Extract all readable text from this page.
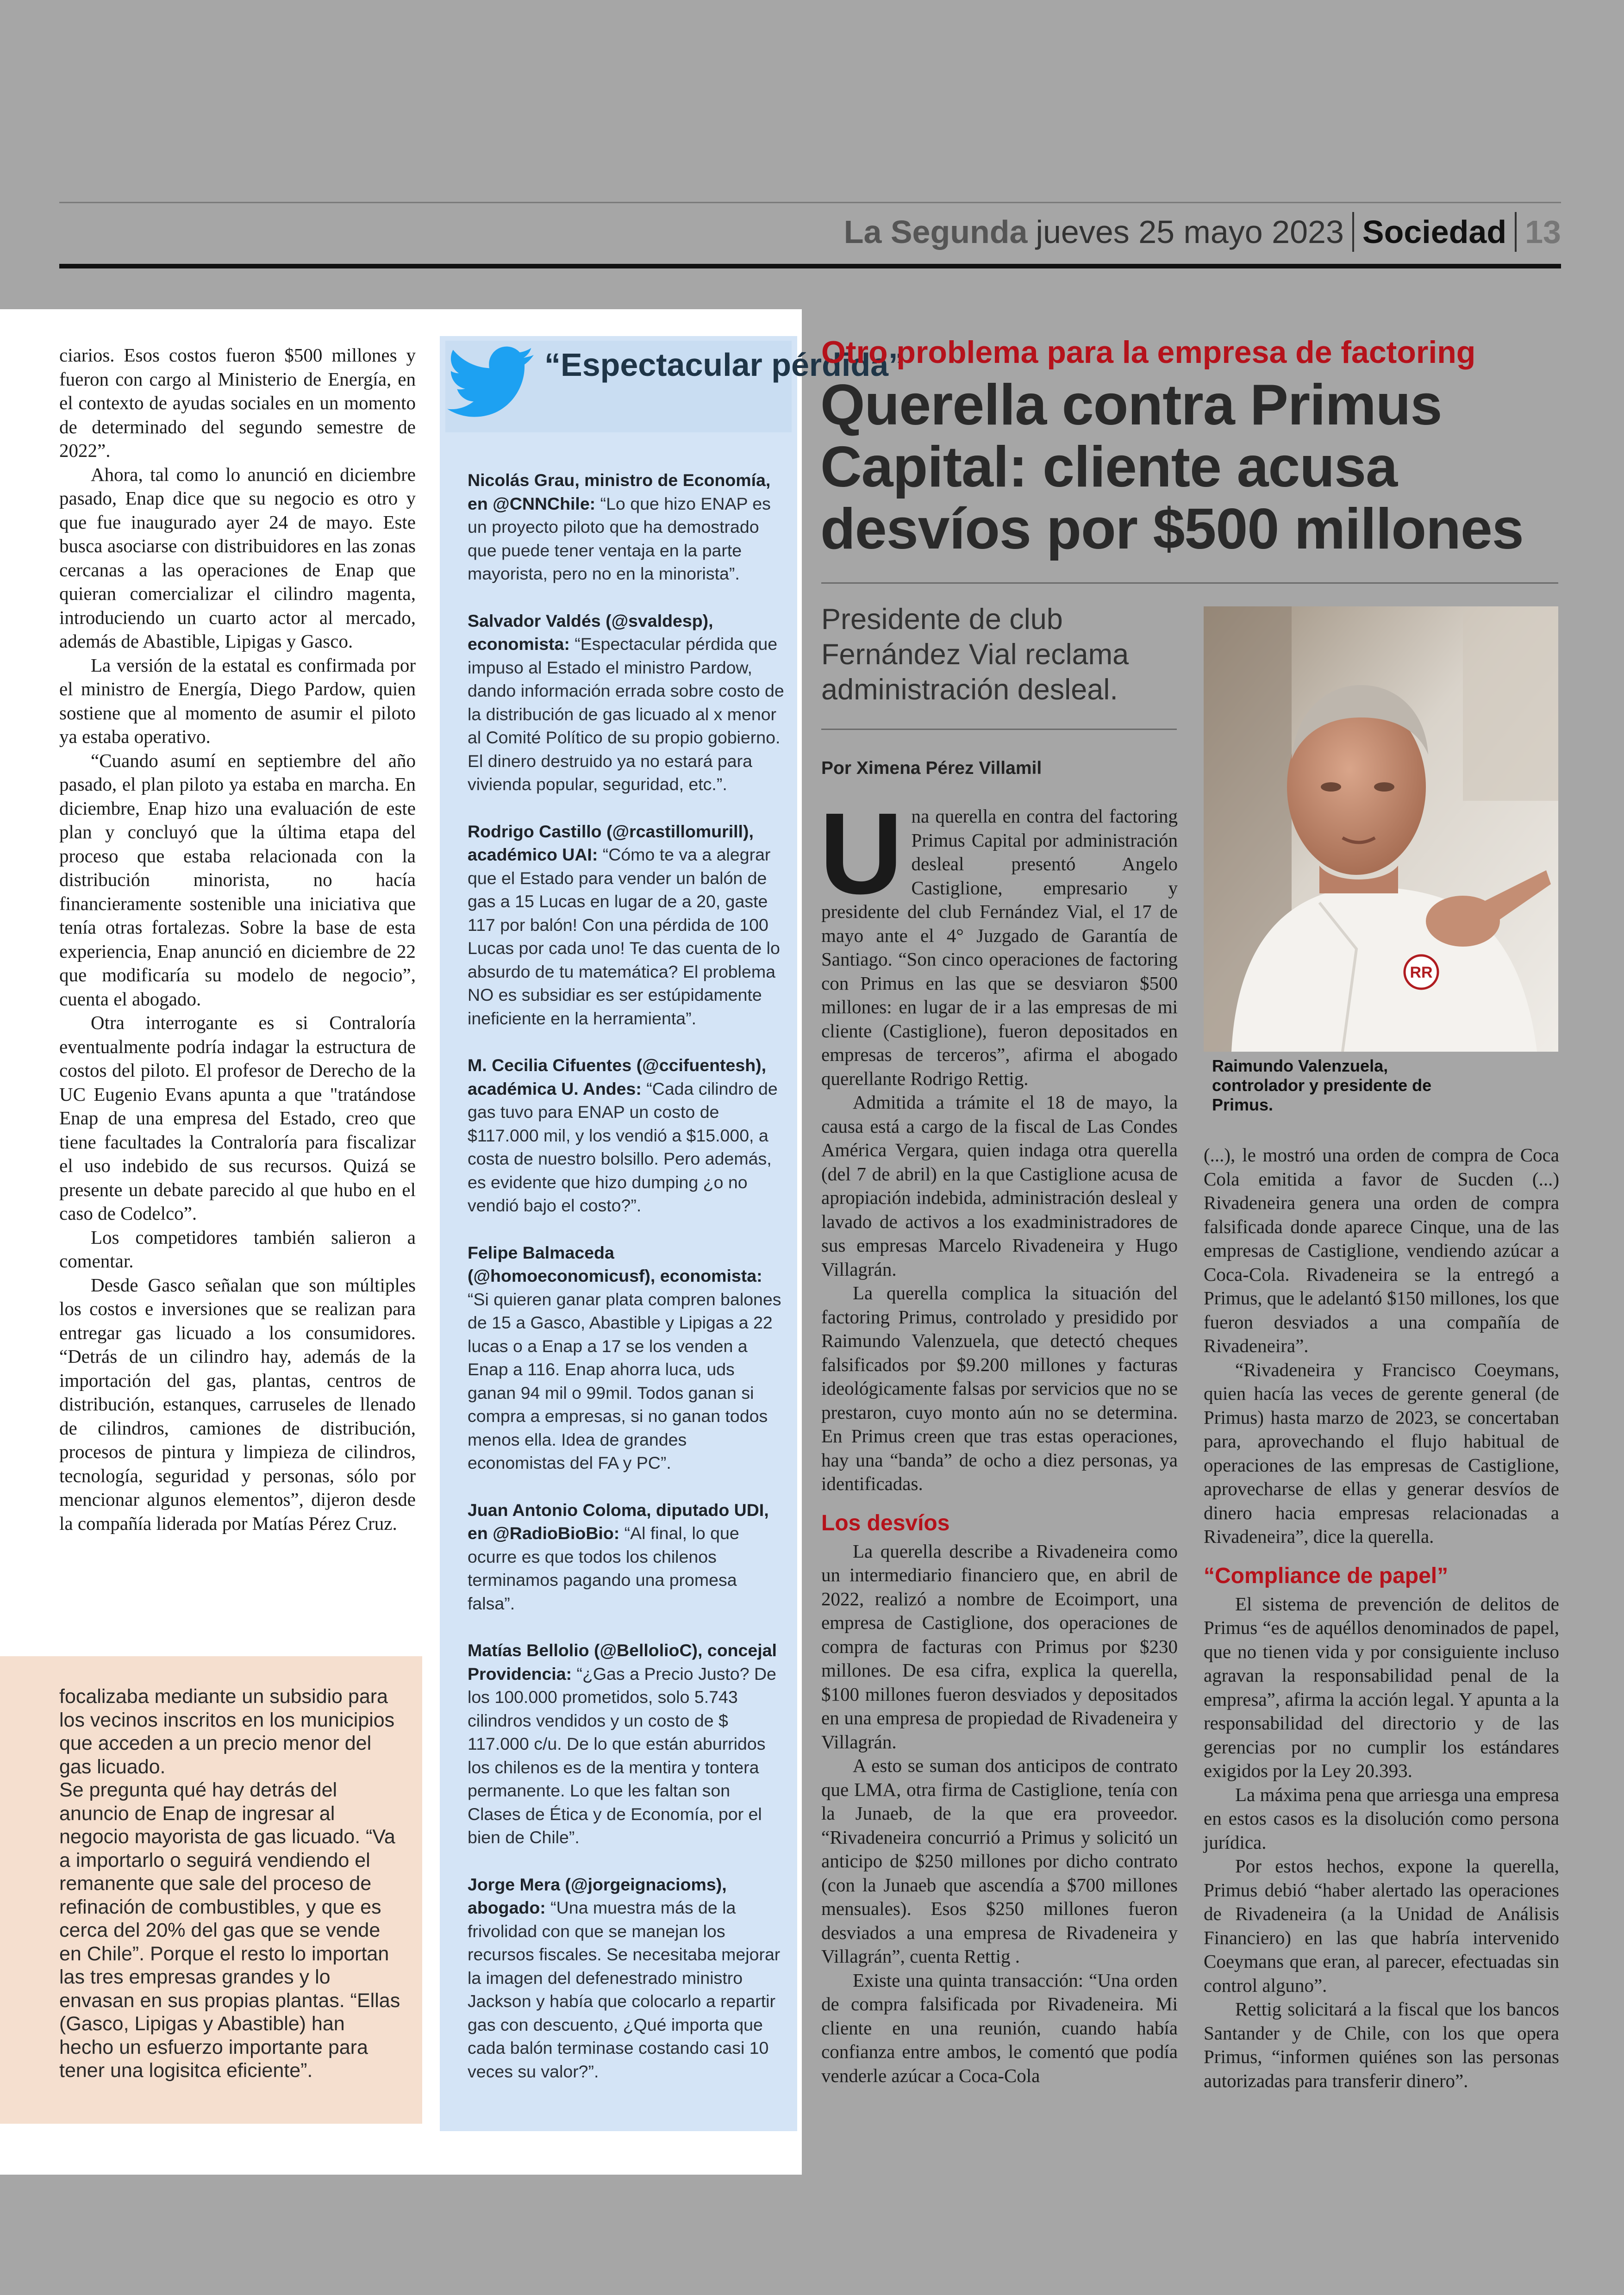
La Segunda jueves 25 mayo 2023 Sociedad 13

ciarios. Esos costos fueron $500 millones y fueron con cargo al Ministerio de Energía, en el contexto de ayudas sociales en un momento de determinado del segundo semestre de 2022”.

Ahora, tal como lo anunció en diciembre pasado, Enap dice que su negocio es otro y que fue inaugurado ayer 24 de mayo. Este busca asociarse con distribuidores en las zonas cercanas a las operaciones de Enap que quieran comercializar el cilindro magenta, introduciendo un cuarto actor al mercado, además de Abastible, Lipigas y Gasco.

La versión de la estatal es confirmada por el ministro de Energía, Diego Pardow, quien sostiene que al momento de asumir el piloto ya estaba operativo.

“Cuando asumí en septiembre del año pasado, el plan piloto ya estaba en marcha. En diciembre, Enap hizo una evaluación de este plan y concluyó que la última etapa del proceso que estaba relacionada con la distribución minorista, no hacía financieramente sostenible una iniciativa que tenía otras fortalezas. Sobre la base de esta experiencia, Enap anunció en diciembre de 22 que modificaría su modelo de negocio”, cuenta el abogado.

Otra interrogante es si Contraloría eventualmente podría indagar la estructura de costos del piloto. El profesor de Derecho de la UC Eugenio Evans apunta a que "tratándose Enap de una empresa del Estado, creo que tiene facultades la Contraloría para fiscalizar el uso indebido de sus recursos. Quizá se presente un debate parecido al que hubo en el caso de Codelco”.

Los competidores también salieron a comentar.

Desde Gasco señalan que son múltiples los costos e inversiones que se realizan para entregar gas licuado a los consumidores. “Detrás de un cilindro hay, además de la importación del gas, plantas, centros de distribución, estanques, carruseles de llenado de cilindros, camiones de distribución, procesos de pintura y limpieza de cilindros, tecnología, seguridad y personas, sólo por mencionar algunos elementos”, dijeron desde la compañía liderada por Matías Pérez Cruz.

focalizaba mediante un subsidio para los vecinos inscritos en los municipios que acceden a un precio menor del gas licuado.

Se pregunta qué hay detrás del anuncio de Enap de ingresar al negocio mayorista de gas licuado. “Va a importarlo o seguirá vendiendo el remanente que sale del proceso de refinación de combustibles, y que es cerca del 20% del gas que se vende en Chile”. Porque el resto lo importan las tres empresas grandes y lo envasan en sus propias plantas. “Ellas (Gasco, Lipigas y Abastible) han hecho un esfuerzo importante para tener una logisitca eficiente”.

“Espectacular pérdida”

Nicolás Grau, ministro de Economía, en @CNNChile: “Lo que hizo ENAP es un proyecto piloto que ha demostrado que puede tener ventaja en la parte mayorista, pero no en la minorista”.

Salvador Valdés (@svaldesp), economista: “Espectacular pérdida que impuso al Estado el ministro Pardow, dando información errada sobre costo de la distribución de gas licuado al x menor al Comité Político de su propio gobierno. El dinero destruido ya no estará para vivienda popular, seguridad, etc.”.

Rodrigo Castillo (@rcastillomurill), académico UAI: “Cómo te va a alegrar que el Estado para vender un balón de gas a 15 Lucas en lugar de a 20, gaste 117 por balón! Con una pérdida de 100 Lucas por cada uno! Te das cuenta de lo absurdo de tu matemática? El problema NO es subsidiar es ser estúpidamente ineficiente en la herramienta”.

M. Cecilia Cifuentes (@ccifuentesh), académica U. Andes: “Cada cilindro de gas tuvo para ENAP un costo de $117.000 mil, y los vendió a $15.000, a costa de nuestro bolsillo. Pero además, es evidente que hizo dumping ¿o no vendió bajo el costo?”.

Felipe Balmaceda (@homoeconomicusf), economista: “Si quieren ganar plata compren balones de 15 a Gasco, Abastible y Lipigas a 22 lucas o a Enap a 17 se los venden a Enap a 116. Enap ahorra luca, uds ganan 94 mil o 99mil. Todos ganan si compra a empresas, si no ganan todos menos ella. Idea de grandes economistas del FA y PC”.

Juan Antonio Coloma, diputado UDI, en @RadioBioBio: “Al final, lo que ocurre es que todos los chilenos terminamos pagando una promesa falsa”.

Matías Bellolio (@BellolioC), concejal Providencia: “¿Gas a Precio Justo? De los 100.000 prometidos, solo 5.743 cilindros vendidos y un costo de $ 117.000 c/u. De lo que están aburridos los chilenos es de la mentira y tontera permanente. Lo que les faltan son Clases de Ética y de Economía, por el bien de Chile”.

Jorge Mera (@jorgeignacioms), abogado: “Una muestra más de la frivolidad con que se manejan los recursos fiscales. Se necesitaba mejorar la imagen del defenestrado ministro Jackson y había que colocarlo a repartir gas con descuento, ¿Qué importa que cada balón terminase costando casi 10 veces su valor?”.

Otro problema para la empresa de factoring
Querella contra Primus Capital: cliente acusa desvíos por $500 millones
Presidente de club Fernández Vial reclama administración desleal.
Por Ximena Pérez Villamil
RR
Raimundo Valenzuela, controlador y presidente de Primus.

Una querella en contra del factoring Primus Capital por administración desleal presentó Angelo Castiglione, empresario y presidente del club Fernández Vial, el 17 de mayo ante el 4° Juzgado de Garantía de Santiago. “Son cinco operaciones de factoring con Primus en las que se desviaron $500 millones: en lugar de ir a las empresas de mi cliente (Castiglione), fueron depositados en empresas de terceros”, afirma el abogado querellante Rodrigo Rettig.

Admitida a trámite el 18 de mayo, la causa está a cargo de la fiscal de Las Condes América Vergara, quien indaga otra querella (del 7 de abril) en la que Castiglione acusa de apropiación indebida, administración desleal y lavado de activos a los exadministradores de sus empresas Marcelo Rivadeneira y Hugo Villagrán.

La querella complica la situación del factoring Primus, controlado y presidido por Raimundo Valenzuela, que detectó cheques falsificados por $9.200 millones y facturas ideológicamente falsas por servicios que no se prestaron, cuyo monto aún no se determina. En Primus creen que tras estas operaciones, hay una “banda” de ocho a diez personas, ya identificadas.

Los desvíos

La querella describe a Rivadeneira como un intermediario financiero que, en abril de 2022, realizó a nombre de Ecoimport, una empresa de Castiglione, dos operaciones de compra de facturas con Primus por $230 millones. De esa cifra, explica la querella, $100 millones fueron desviados y depositados en una empresa de propiedad de Rivadeneira y Villagrán.

A esto se suman dos anticipos de contrato que LMA, otra firma de Castiglione, tenía con la Junaeb, de la que era proveedor. “Rivadeneira concurrió a Primus y solicitó un anticipo de $250 millones por dicho contrato (con la Junaeb que ascendía a $700 millones mensuales). Esos $250 millones fueron desviados a una empresa de Rivadeneira y Villagrán”, cuenta Rettig .

Existe una quinta transacción: “Una orden de compra falsificada por Rivadeneira. Mi cliente en una reunión, cuando había confianza entre ambos, le comentó que podía venderle azúcar a Coca-Cola

(...), le mostró una orden de compra de Coca Cola emitida a favor de Sucden (...) Rivadeneira genera una orden de compra falsificada donde aparece Cinque, una de las empresas de Castiglione, vendiendo azúcar a Coca-Cola. Rivadeneira se la entregó a Primus, que le adelantó $150 millones, los que fueron desviados a una compañía de Rivadeneira”.

“Rivadeneira y Francisco Coeymans, quien hacía las veces de gerente general (de Primus) hasta marzo de 2023, se concertaban para, aprovechando el flujo habitual de operaciones de las empresas de Castiglione, aprovecharse de ellas y generar desvíos de dinero hacia empresas relacionadas a Rivadeneira”, dice la querella.

“Compliance de papel”

El sistema de prevención de delitos de Primus “es de aquéllos denominados de papel, que no tienen vida y por consiguiente incluso agravan la responsabilidad penal de la empresa”, afirma la acción legal. Y apunta a la responsabilidad del directorio y de las gerencias por no cumplir los estándares exigidos por la Ley 20.393.

La máxima pena que arriesga una empresa en estos casos es la disolución como persona jurídica.

Por estos hechos, expone la querella, Primus debió “haber alertado las operaciones de Rivadeneira (a la Unidad de Análisis Financiero) en las que habría intervenido Coeymans que eran, al parecer, efectuadas sin control alguno”.

Rettig solicitará a la fiscal que los bancos Santander y de Chile, con los que opera Primus, “informen quiénes son las personas autorizadas para transferir dinero”.
